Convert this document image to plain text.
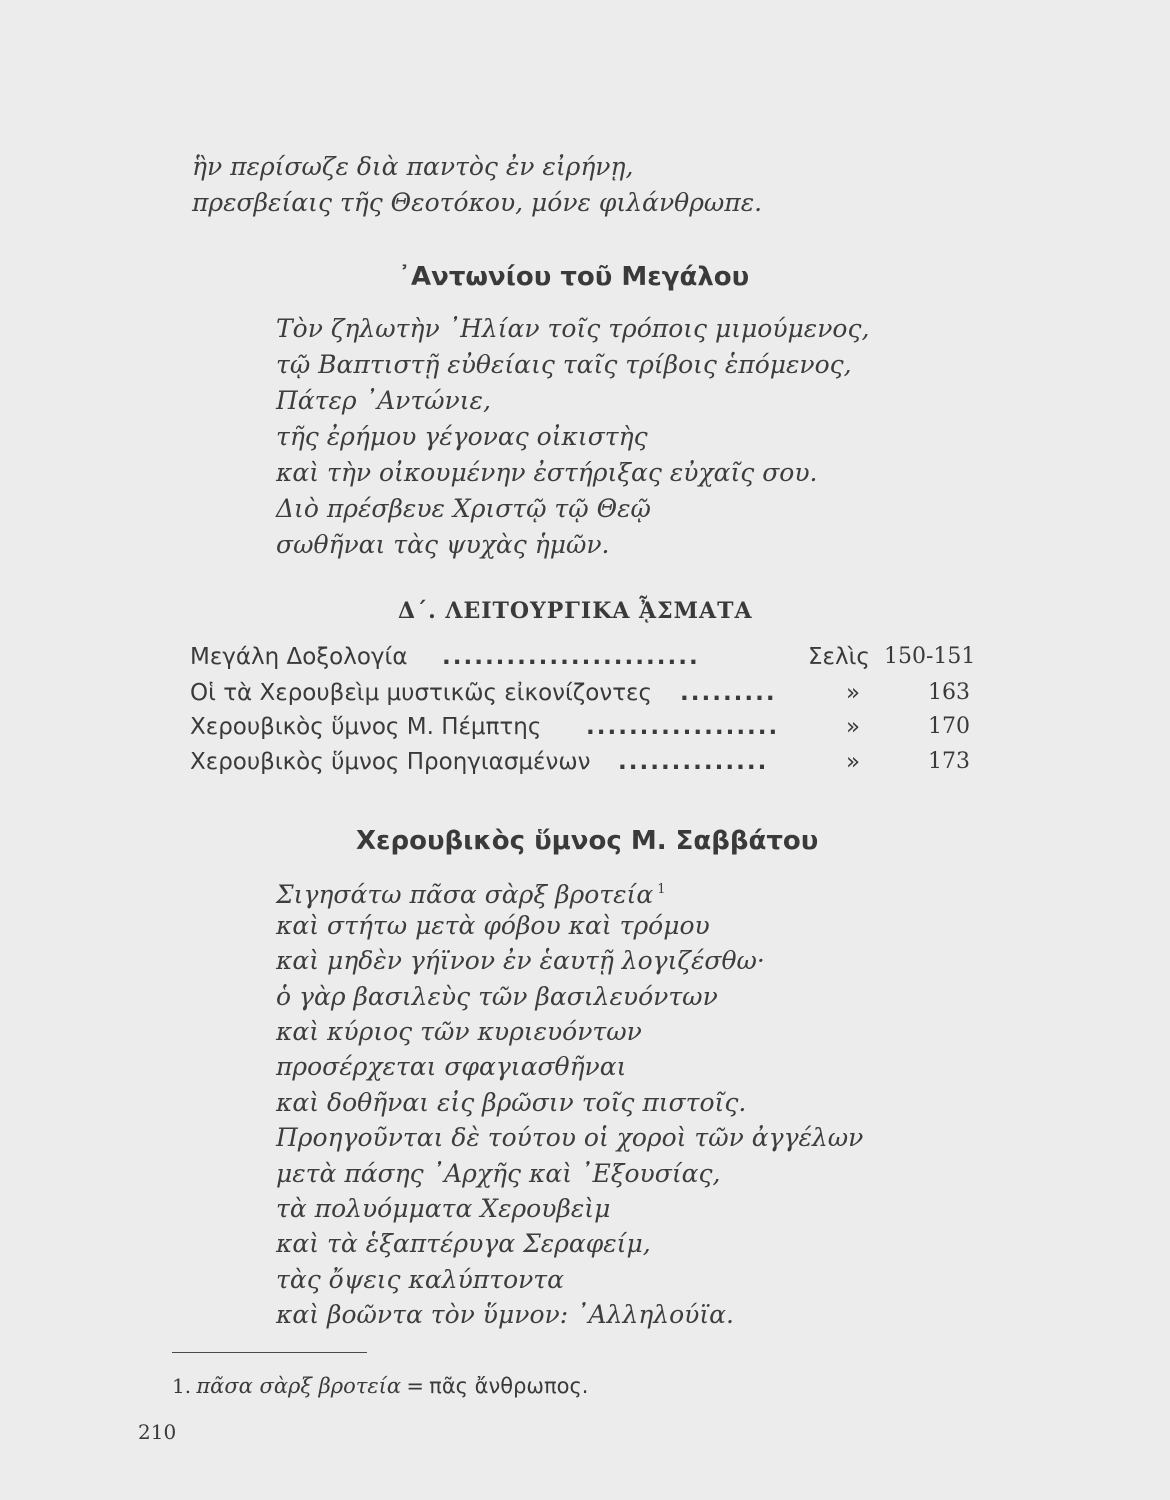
ἣν περίσωζε διὰ παντὸς ἐν εἰρήνῃ,

πρεσβείαις τῆς Θεοτόκου, μόνε φιλάνθρωπε.

᾿Αντωνίου τοῦ Μεγάλου

Τὸν ζηλωτὴν ᾿Ηλίαν τοῖς τρόποις μιμούμενος,

τῷ Βαπτιστῇ εὐθείαις ταῖς τρίβοις ἑπόμενος,

Πάτερ ᾿Αντώνιε,

τῆς ἐρήμου γέγονας οἰκιστὴς

καὶ τὴν οἰκουμένην ἐστήριξας εὐχαῖς σου.

Διὸ πρέσβευε Χριστῷ τῷ Θεῷ

σωθῆναι τὰς ψυχὰς ἡμῶν.

Δ΄. ΛΕΙΤΟΥΡΓΙΚΑ ᾎΣΜΑΤΑ
Μεγάλη Δοξολογία ........................	Σελὶς 150-151
Οἱ τὰ Χερουβεὶμ μυστικῶς εἰκονίζοντες .........	»	163
Χερουβικὸς ὕμνος Μ. Πέμπτης ..................	»	170
Χερουβικὸς ὕμνος Προηγιασμένων ..............	»	173
Χερουβικὸς ὕμνος Μ. Σαββάτου

Σιγησάτω πᾶσα σὰρξ βροτεία $^1$

καὶ στήτω μετὰ φόβου καὶ τρόμου

καὶ μηδὲν γήϊνον ἐν ἑαυτῇ λογιζέσθω·

ὁ γὰρ βασιλεὺς τῶν βασιλευόντων

καὶ κύριος τῶν κυριευόντων

προσέρχεται σφαγιασθῆναι

καὶ δοθῆναι εἰς βρῶσιν τοῖς πιστοῖς.

Προηγοῦνται δὲ τούτου οἱ χοροὶ τῶν ἀγγέλων

μετὰ πάσης ᾿Αρχῆς καὶ ᾿Εξουσίας,

τὰ πολυόμματα Χερουβεὶμ

καὶ τὰ ἑξαπτέρυγα Σεραφείμ,

τὰς ὄψεις καλύπτοντα

καὶ βοῶντα τὸν ὕμνον: ᾿Αλληλούϊα.

1. πᾶσα σὰρξ βροτεία = πᾶς ἄνθρωπος.
210
